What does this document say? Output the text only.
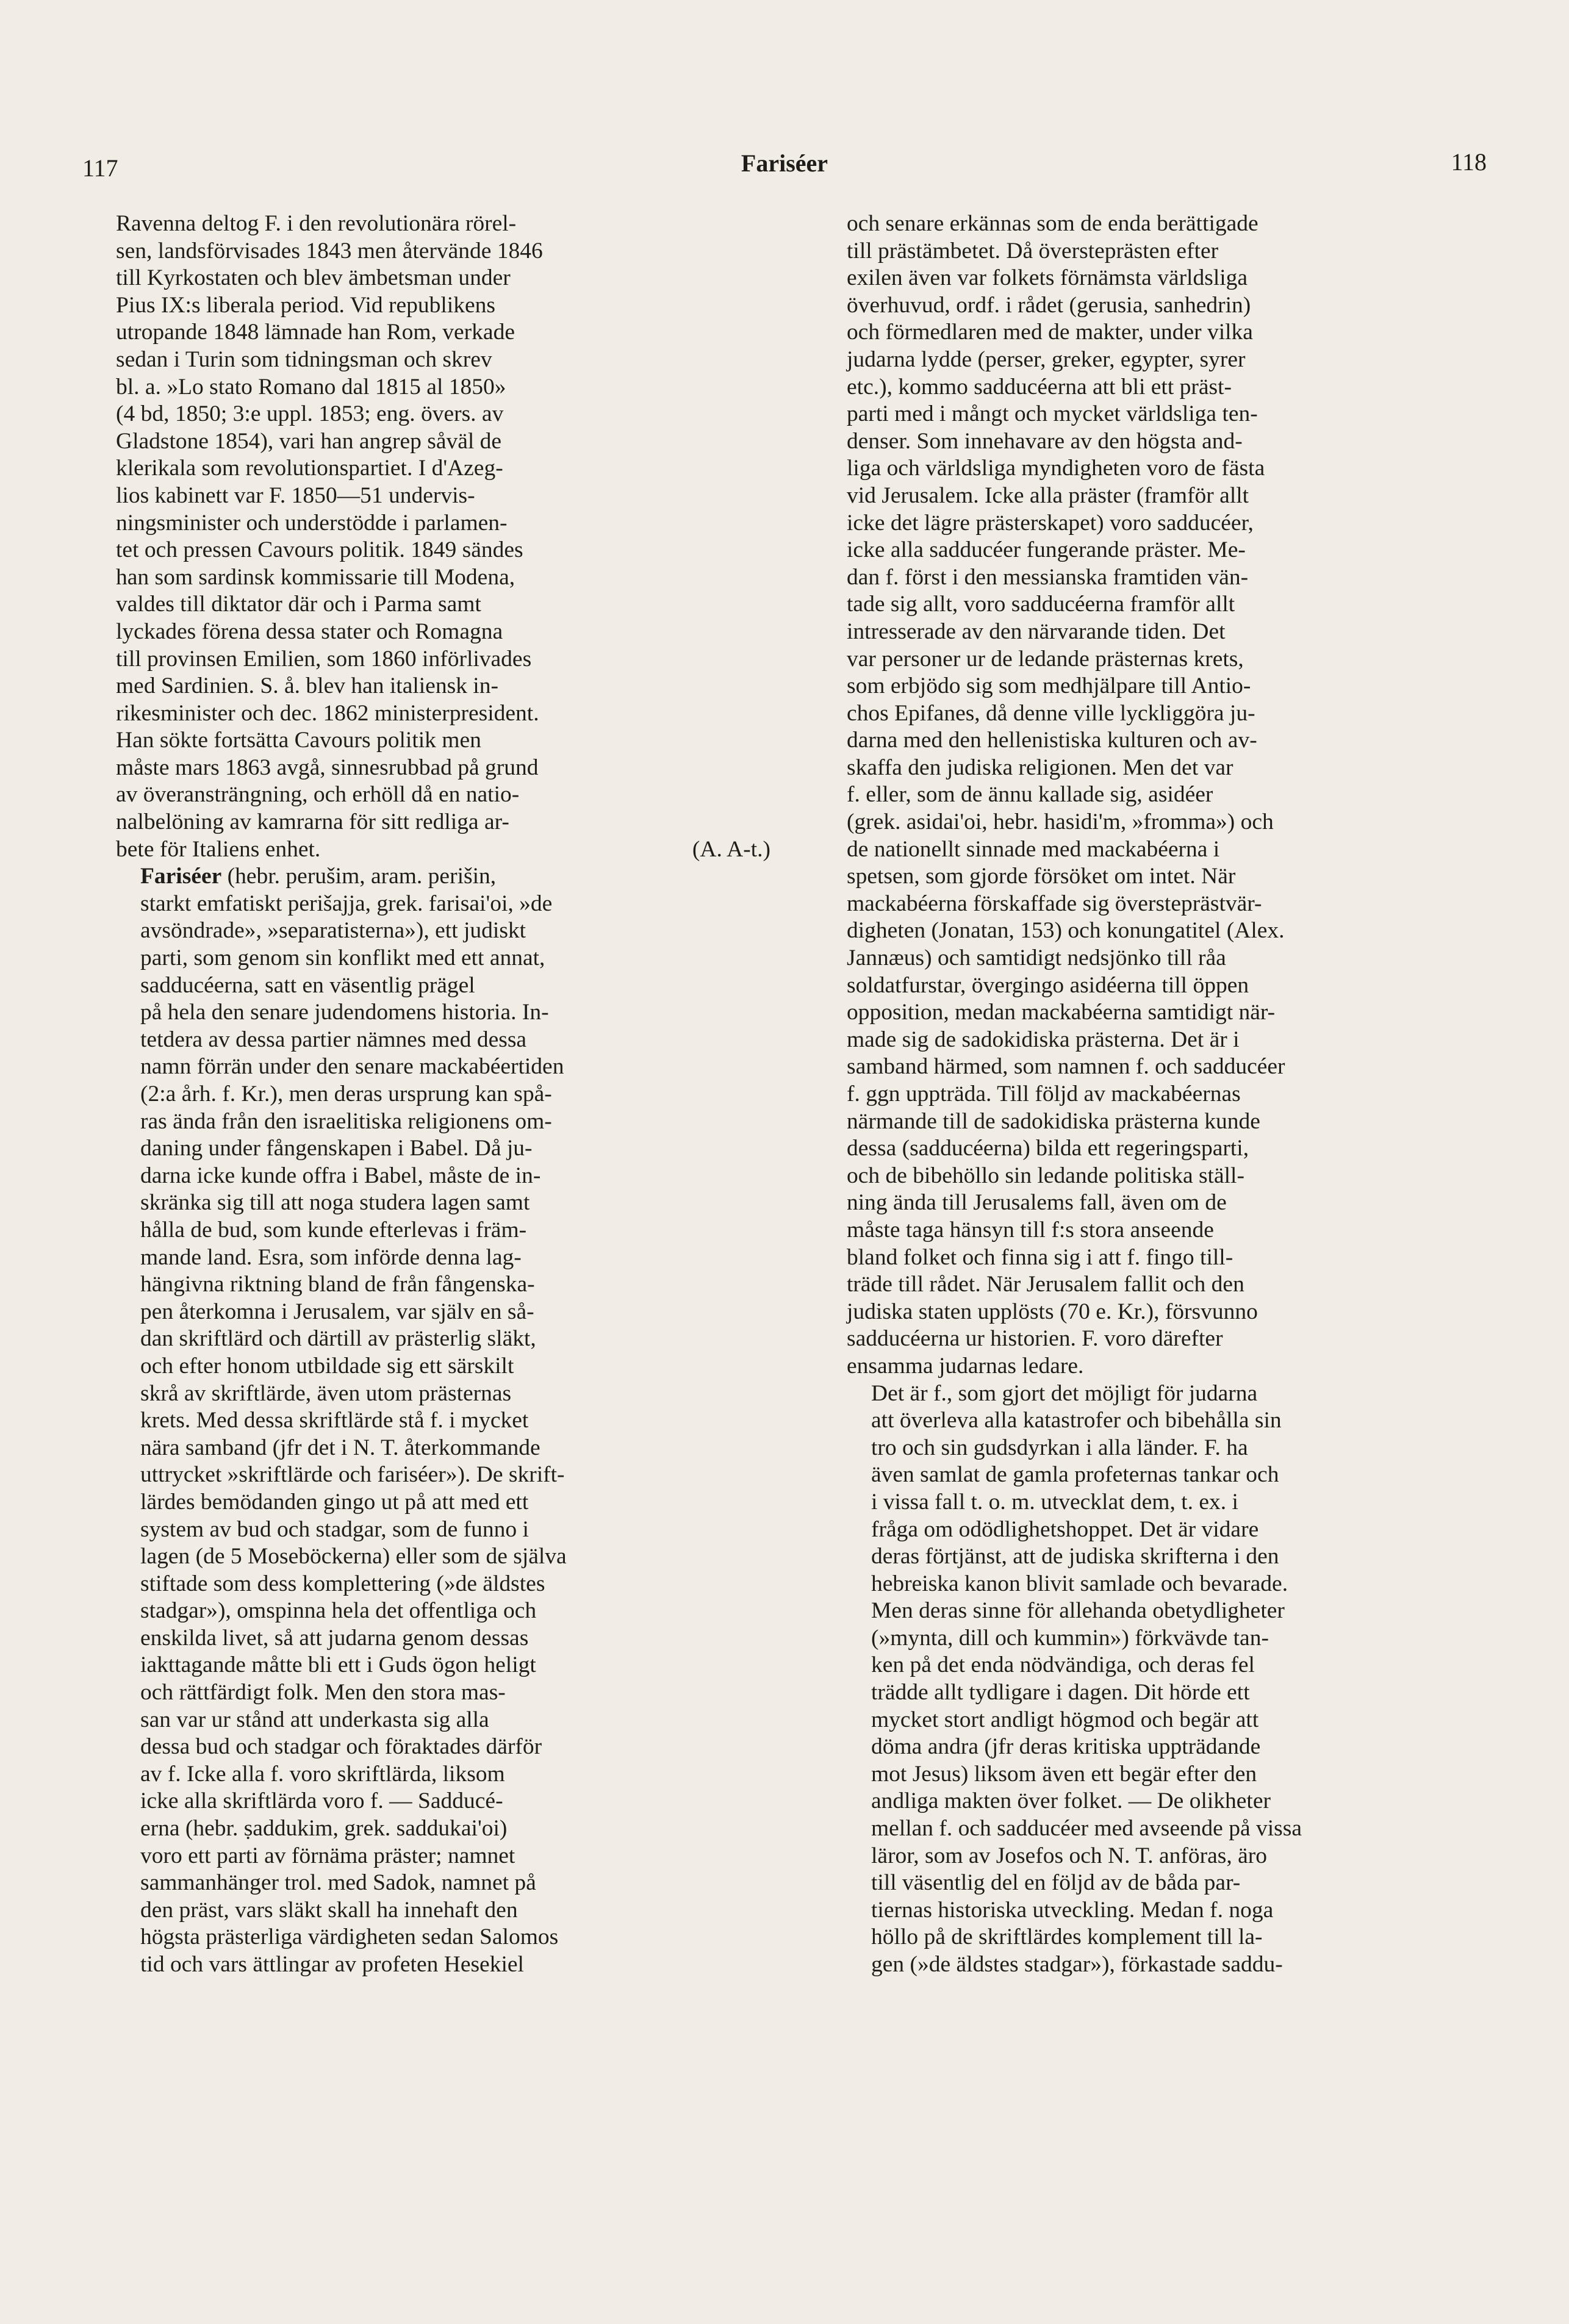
117	Fariséer	118
Ravenna deltog F. i den revolutionära rörel-
sen, landsförvisades 1843 men återvände 1846
till Kyrkostaten och blev ämbetsman under
Pius IX:s liberala period. Vid republikens
utropande 1848 lämnade han Rom, verkade
sedan i Turin som tidningsman och skrev
bl. a. »Lo stato Romano dal 1815 al 1850»
(4 bd, 1850; 3:e uppl. 1853; eng. övers. av
Gladstone 1854), vari han angrep såväl de
klerikala som revolutionspartiet. I d'Azeg-
lios kabinett var F. 1850—51 undervis-
ningsminister och understödde i parlamen-
tet och pressen Cavours politik. 1849 sändes
han som sardinsk kommissarie till Modena,
valdes till diktator där och i Parma samt
lyckades förena dessa stater och Romagna
till provinsen Emilien, som 1860 införlivades
med Sardinien. S. å. blev han italiensk in-
rikesminister och dec. 1862 ministerpresident.
Han sökte fortsätta Cavours politik men
måste mars 1863 avgå, sinnesrubbad på grund
av överansträngning, och erhöll då en natio-
nalbelöning av kamrarna för sitt redliga ar-
bete för Italiens enhet.	(A. A-t.)
Fariséer (hebr. perušim, aram. perišin,
starkt emfatiskt perišajja, grek. farisai'oi, »de
avsöndrade», »separatisterna»), ett judiskt
parti, som genom sin konflikt med ett annat,
sadducéerna, satt en väsentlig prägel
på hela den senare judendomens historia. In-
tetdera av dessa partier nämnes med dessa
namn förrän under den senare mackabéertiden
(2:a årh. f. Kr.), men deras ursprung kan spå-
ras ända från den israelitiska religionens om-
daning under fångenskapen i Babel. Då ju-
darna icke kunde offra i Babel, måste de in-
skränka sig till att noga studera lagen samt
hålla de bud, som kunde efterlevas i främ-
mande land. Esra, som införde denna lag-
hängivna riktning bland de från fångenska-
pen återkomna i Jerusalem, var själv en så-
dan skriftlärd och därtill av prästerlig släkt,
och efter honom utbildade sig ett särskilt
skrå av skriftlärde, även utom prästernas
krets. Med dessa skriftlärde stå f. i mycket
nära samband (jfr det i N. T. återkommande
uttrycket »skriftlärde och fariséer»). De skrift-
lärdes bemödanden gingo ut på att med ett
system av bud och stadgar, som de funno i
lagen (de 5 Moseböckerna) eller som de själva
stiftade som dess komplettering (»de äldstes
stadgar»), omspinna hela det offentliga och
enskilda livet, så att judarna genom dessas
iakttagande måtte bli ett i Guds ögon heligt
och rättfärdigt folk. Men den stora mas-
san var ur stånd att underkasta sig alla
dessa bud och stadgar och föraktades därför
av f. Icke alla f. voro skriftlärda, liksom
icke alla skriftlärda voro f. — Sadducé-
erna (hebr. ṣaddukim, grek. saddukai'oi)
voro ett parti av förnäma präster; namnet
sammanhänger trol. med Sadok, namnet på
den präst, vars släkt skall ha innehaft den
högsta prästerliga värdigheten sedan Salomos
tid och vars ättlingar av profeten Hesekiel
och senare erkännas som de enda berättigade
till prästämbetet. Då översteprästen efter
exilen även var folkets förnämsta världsliga
överhuvud, ordf. i rådet (gerusia, sanhedrin)
och förmedlaren med de makter, under vilka
judarna lydde (perser, greker, egypter, syrer
etc.), kommo sadducéerna att bli ett präst-
parti med i mångt och mycket världsliga ten-
denser. Som innehavare av den högsta and-
liga och världsliga myndigheten voro de fästa
vid Jerusalem. Icke alla präster (framför allt
icke det lägre prästerskapet) voro sadducéer,
icke alla sadducéer fungerande präster. Me-
dan f. först i den messianska framtiden vän-
tade sig allt, voro sadducéerna framför allt
intresserade av den närvarande tiden. Det
var personer ur de ledande prästernas krets,
som erbjödo sig som medhjälpare till Antio-
chos Epifanes, då denne ville lyckliggöra ju-
darna med den hellenistiska kulturen och av-
skaffa den judiska religionen. Men det var
f. eller, som de ännu kallade sig, asidéer
(grek. asidai'oi, hebr. hasidi'm, »fromma») och
de nationellt sinnade med mackabéerna i
spetsen, som gjorde försöket om intet. När
mackabéerna förskaffade sig översteprästvär-
digheten (Jonatan, 153) och konungatitel (Alex.
Jannæus) och samtidigt nedsjönko till råa
soldatfurstar, övergingo asidéerna till öppen
opposition, medan mackabéerna samtidigt när-
made sig de sadokidiska prästerna. Det är i
samband härmed, som namnen f. och sadducéer
f. ggn uppträda. Till följd av mackabéernas
närmande till de sadokidiska prästerna kunde
dessa (sadducéerna) bilda ett regeringsparti,
och de bibehöllo sin ledande politiska ställ-
ning ända till Jerusalems fall, även om de
måste taga hänsyn till f:s stora anseende
bland folket och finna sig i att f. fingo till-
träde till rådet. När Jerusalem fallit och den
judiska staten upplösts (70 e. Kr.), försvunno
sadducéerna ur historien. F. voro därefter
ensamma judarnas ledare.
Det är f., som gjort det möjligt för judarna
att överleva alla katastrofer och bibehålla sin
tro och sin gudsdyrkan i alla länder. F. ha
även samlat de gamla profeternas tankar och
i vissa fall t. o. m. utvecklat dem, t. ex. i
fråga om odödlighetshoppet. Det är vidare
deras förtjänst, att de judiska skrifterna i den
hebreiska kanon blivit samlade och bevarade.
Men deras sinne för allehanda obetydligheter
(»mynta, dill och kummin») förkvävde tan-
ken på det enda nödvändiga, och deras fel
trädde allt tydligare i dagen. Dit hörde ett
mycket stort andligt högmod och begär att
döma andra (jfr deras kritiska uppträdande
mot Jesus) liksom även ett begär efter den
andliga makten över folket. — De olikheter
mellan f. och sadducéer med avseende på vissa
läror, som av Josefos och N. T. anföras, äro
till väsentlig del en följd av de båda par-
tiernas historiska utveckling. Medan f. noga
höllo på de skriftlärdes komplement till la-
gen (»de äldstes stadgar»), förkastade saddu-
